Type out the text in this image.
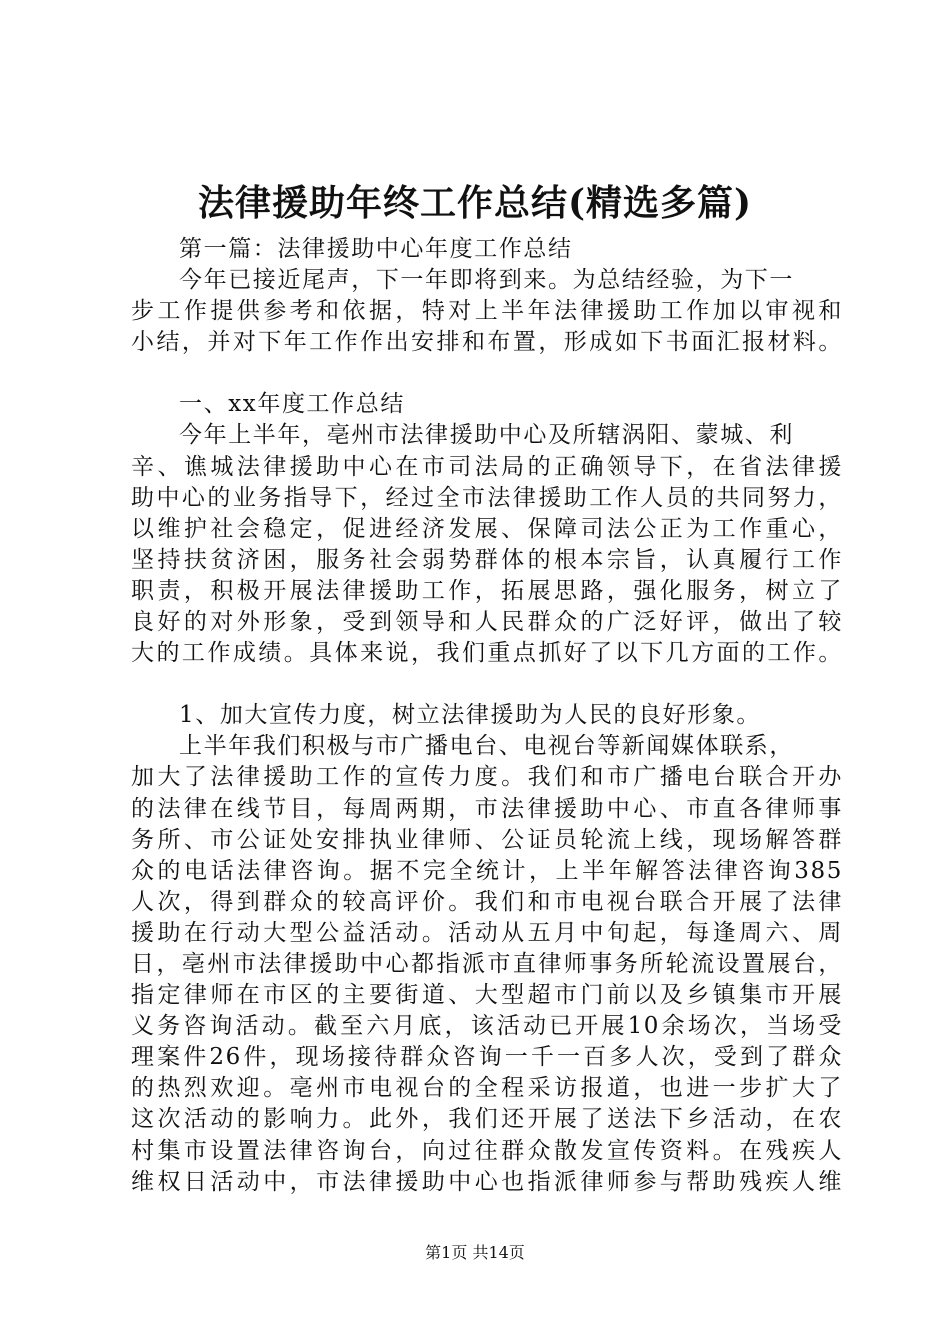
法律援助年终工作总结(精选多篇)
第一篇：法律援助中心年度工作总结
今年已接近尾声，下一年即将到来。为总结经验，为下一
步工作提供参考和依据，特对上半年法律援助工作加以审视和
小结，并对下年工作作出安排和布置，形成如下书面汇报材料。
一、xx年度工作总结
今年上半年，亳州市法律援助中心及所辖涡阳、蒙城、利
辛、谯城法律援助中心在市司法局的正确领导下，在省法律援
助中心的业务指导下，经过全市法律援助工作人员的共同努力，
以维护社会稳定，促进经济发展、保障司法公正为工作重心，
坚持扶贫济困，服务社会弱势群体的根本宗旨，认真履行工作
职责，积极开展法律援助工作，拓展思路，强化服务，树立了
良好的对外形象，受到领导和人民群众的广泛好评，做出了较
大的工作成绩。具体来说，我们重点抓好了以下几方面的工作。
1、加大宣传力度，树立法律援助为人民的良好形象。
上半年我们积极与市广播电台、电视台等新闻媒体联系，
加大了法律援助工作的宣传力度。我们和市广播电台联合开办
的法律在线节目，每周两期，市法律援助中心、市直各律师事
务所、市公证处安排执业律师、公证员轮流上线，现场解答群
众的电话法律咨询。据不完全统计，上半年解答法律咨询385
人次，得到群众的较高评价。我们和市电视台联合开展了法律
援助在行动大型公益活动。活动从五月中旬起，每逢周六、周
日，亳州市法律援助中心都指派市直律师事务所轮流设置展台，
指定律师在市区的主要街道、大型超市门前以及乡镇集市开展
义务咨询活动。截至六月底，该活动已开展10余场次，当场受
理案件26件，现场接待群众咨询一千一百多人次，受到了群众
的热烈欢迎。亳州市电视台的全程采访报道，也进一步扩大了
这次活动的影响力。此外，我们还开展了送法下乡活动，在农
村集市设置法律咨询台，向过往群众散发宣传资料。在残疾人
维权日活动中，市法律援助中心也指派律师参与帮助残疾人维
第1页 共14页
